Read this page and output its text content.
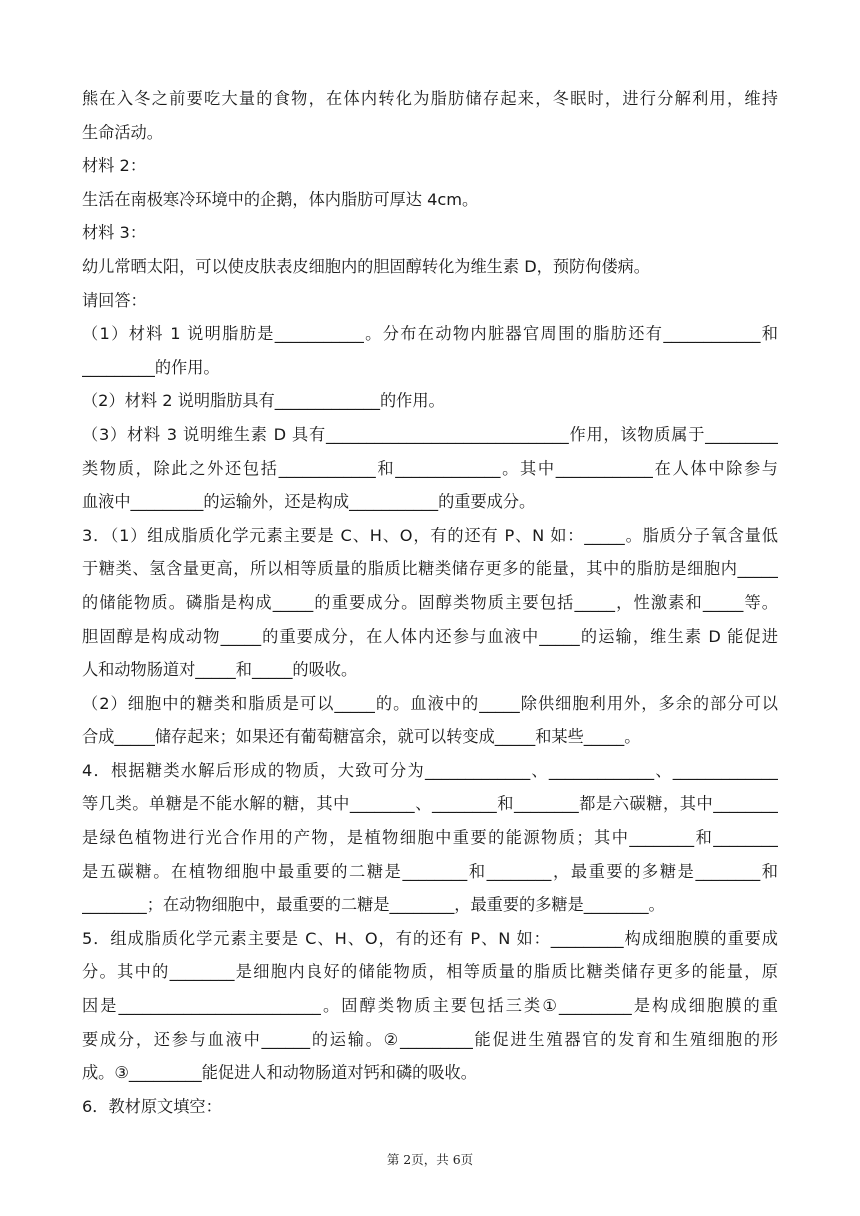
熊在入冬之前要吃大量的食物，在体内转化为脂肪储存起来，冬眠时，进行分解利用，维持
生命活动。
材料 2：
生活在南极寒冷环境中的企鹅，体内脂肪可厚达 4cm。
材料 3：
幼儿常晒太阳，可以使皮肤表皮细胞内的胆固醇转化为维生素 D，预防佝偻病。
请回答：
（1）材料 1 说明脂肪是___________。分布在动物内脏器官周围的脂肪还有____________和
_________的作用。
（2）材料 2 说明脂肪具有_____________的作用。
（3）材料 3 说明维生素 D 具有______________________________作用，该物质属于_________
类物质，除此之外还包括____________和_____________。其中____________在人体中除参与
血液中_________的运输外，还是构成___________的重要成分。
3．（1）组成脂质化学元素主要是 C、H、O，有的还有 P、N 如：_____。脂质分子氧含量低
于糖类、氢含量更高，所以相等质量的脂质比糖类储存更多的能量，其中的脂肪是细胞内_____
的储能物质。磷脂是构成_____的重要成分。固醇类物质主要包括_____，性激素和_____等。
胆固醇是构成动物_____的重要成分，在人体内还参与血液中_____的运输，维生素 D 能促进
人和动物肠道对_____和_____的吸收。
（2）细胞中的糖类和脂质是可以_____的。血液中的_____除供细胞利用外，多余的部分可以
合成_____储存起来；如果还有葡萄糖富余，就可以转变成_____和某些_____。
4．根据糖类水解后形成的物质，大致可分为_____________、_____________、_____________
等几类。单糖是不能水解的糖，其中________、________和________都是六碳糖，其中________
是绿色植物进行光合作用的产物，是植物细胞中重要的能源物质；其中________和________
是五碳糖。在植物细胞中最重要的二糖是________和________，最重要的多糖是________和
________；在动物细胞中，最重要的二糖是________，最重要的多糖是________。
5．组成脂质化学元素主要是 C、H、O，有的还有 P、N 如：_________构成细胞膜的重要成
分。其中的________是细胞内良好的储能物质，相等质量的脂质比糖类储存更多的能量，原
因是_________________________。固醇类物质主要包括三类①_________是构成细胞膜的重
要成分，还参与血液中______的运输。②_________能促进生殖器官的发育和生殖细胞的形
成。③_________能促进人和动物肠道对钙和磷的吸收。
6．教材原文填空：
第 2页，共 6页
